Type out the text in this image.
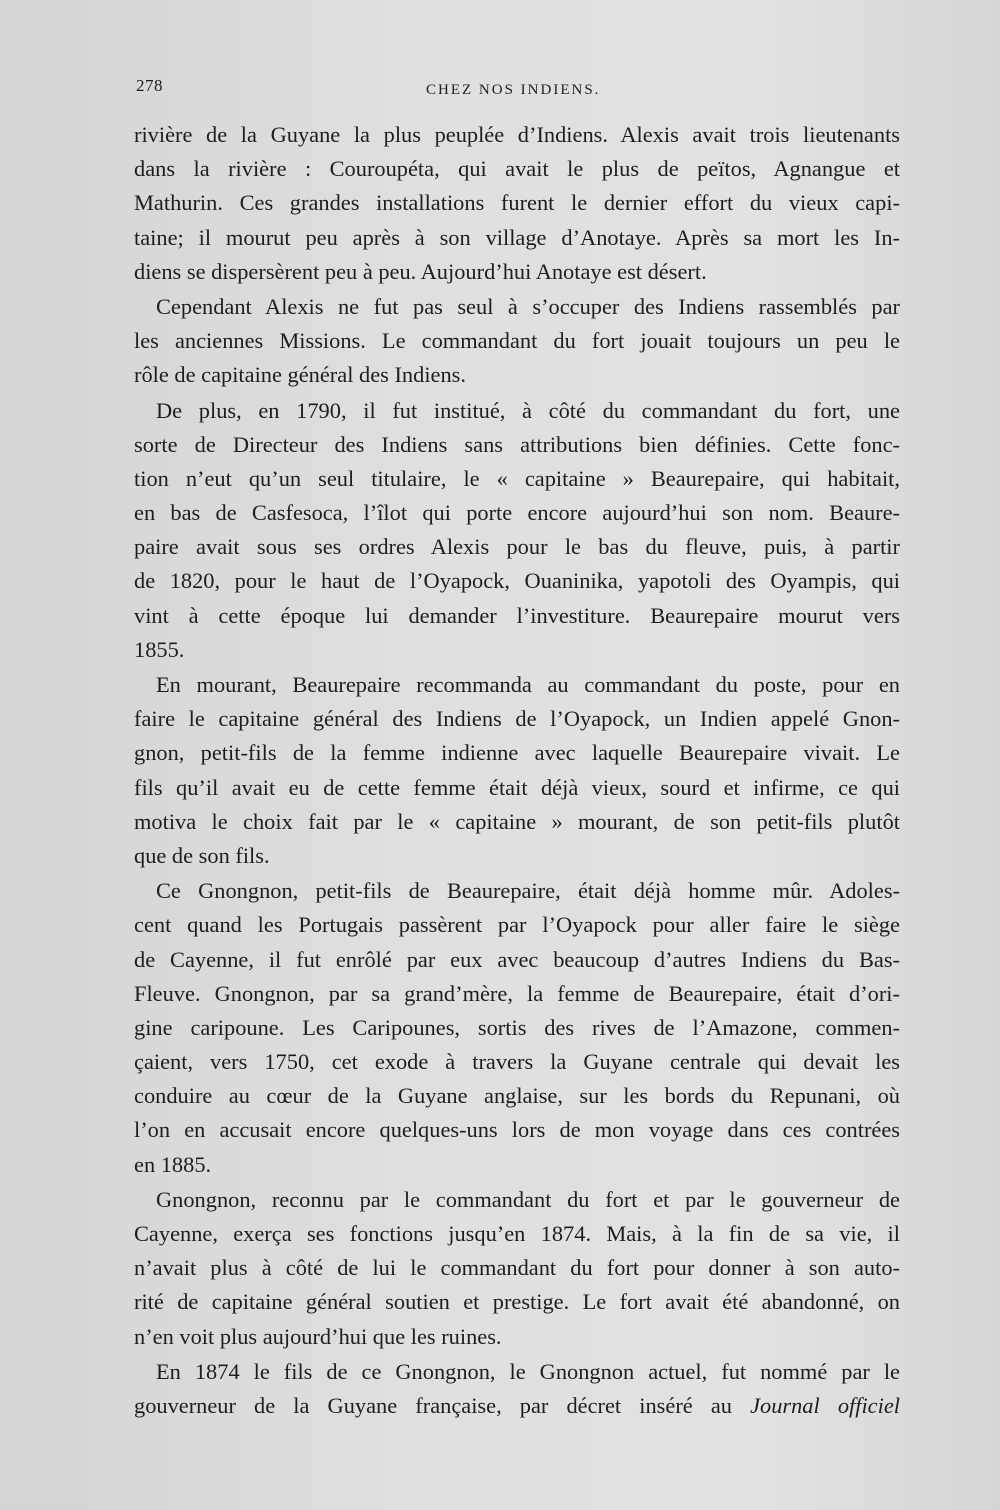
278	CHEZ NOS INDIENS.
rivière de la Guyane la plus peuplée d’Indiens. Alexis avait trois lieutenants
dans la rivière : Couroupéta, qui avait le plus de peïtos, Agnangue et
Mathurin. Ces grandes installations furent le dernier effort du vieux capi-
taine; il mourut peu après à son village d’Anotaye. Après sa mort les In-
diens se dispersèrent peu à peu. Aujourd’hui Anotaye est désert.
Cependant Alexis ne fut pas seul à s’occuper des Indiens rassemblés par
les anciennes Missions. Le commandant du fort jouait toujours un peu le
rôle de capitaine général des Indiens.
De plus, en 1790, il fut institué, à côté du commandant du fort, une
sorte de Directeur des Indiens sans attributions bien définies. Cette fonc-
tion n’eut qu’un seul titulaire, le « capitaine » Beaurepaire, qui habitait,
en bas de Casfesoca, l’îlot qui porte encore aujourd’hui son nom. Beaure-
paire avait sous ses ordres Alexis pour le bas du fleuve, puis, à partir
de 1820, pour le haut de l’Oyapock, Ouaninika, yapotoli des Oyampis, qui
vint à cette époque lui demander l’investiture. Beaurepaire mourut vers
1855.
En mourant, Beaurepaire recommanda au commandant du poste, pour en
faire le capitaine général des Indiens de l’Oyapock, un Indien appelé Gnon-
gnon, petit-fils de la femme indienne avec laquelle Beaurepaire vivait. Le
fils qu’il avait eu de cette femme était déjà vieux, sourd et infirme, ce qui
motiva le choix fait par le « capitaine » mourant, de son petit-fils plutôt
que de son fils.
Ce Gnongnon, petit-fils de Beaurepaire, était déjà homme mûr. Adoles-
cent quand les Portugais passèrent par l’Oyapock pour aller faire le siège
de Cayenne, il fut enrôlé par eux avec beaucoup d’autres Indiens du Bas-
Fleuve. Gnongnon, par sa grand’mère, la femme de Beaurepaire, était d’ori-
gine caripoune. Les Caripounes, sortis des rives de l’Amazone, commen-
çaient, vers 1750, cet exode à travers la Guyane centrale qui devait les
conduire au cœur de la Guyane anglaise, sur les bords du Repunani, où
l’on en accusait encore quelques-uns lors de mon voyage dans ces contrées
en 1885.
Gnongnon, reconnu par le commandant du fort et par le gouverneur de
Cayenne, exerça ses fonctions jusqu’en 1874. Mais, à la fin de sa vie, il
n’avait plus à côté de lui le commandant du fort pour donner à son auto-
rité de capitaine général soutien et prestige. Le fort avait été abandonné, on
n’en voit plus aujourd’hui que les ruines.
En 1874 le fils de ce Gnongnon, le Gnongnon actuel, fut nommé par le
gouverneur de la Guyane française, par décret inséré au Journal officiel
